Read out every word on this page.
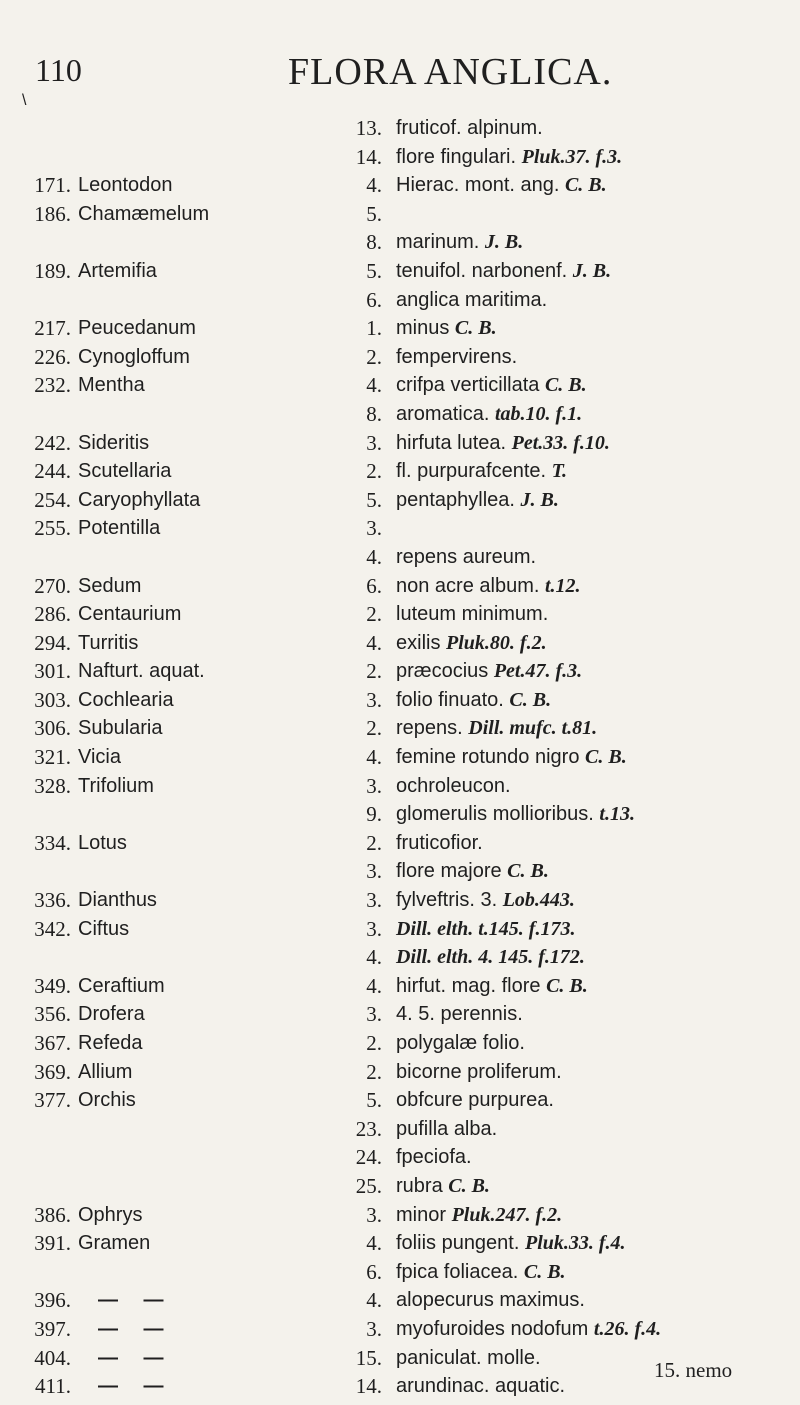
110	FLORA ANGLICA.
\
13. fruticof. alpinum.
14. flore fingulari. Pluk.37. f.3.
171. Leontodon	4. Hierac. mont. ang. C. B.
186. Chamæmelum	5.
8. marinum. J. B.
189. Artemifia	5. tenuifol. narbonenf. J. B.
6. anglica maritima.
217. Peucedanum	1. minus C. B.
226. Cynogloffum	2. fempervirens.
232. Mentha	4. crifpa verticillata C. B.
8. aromatica. tab.10. f.1.
242. Sideritis	3. hirfuta lutea. Pet.33. f.10.
244. Scutellaria	2. fl. purpurafcente. T.
254. Caryophyllata	5. pentaphyllea. J. B.
255. Potentilla	3.
4. repens aureum.
270. Sedum	6. non acre album. t.12.
286. Centaurium	2. luteum minimum.
294. Turritis	4. exilis Pluk.80. f.2.
301. Nafturt. aquat.	2. præcocius Pet.47. f.3.
303. Cochlearia	3. folio finuato. C. B.
306. Subularia	2. repens. Dill. mufc. t.81.
321. Vicia	4. femine rotundo nigro C. B.
328. Trifolium	3. ochroleucon.
9. glomerulis mollioribus. t.13.
334. Lotus	2. fruticofior.
3. flore majore C. B.
336. Dianthus	3. fylveftris. 3. Lob.443.
342. Ciftus	3. Dill. elth. t.145. f.173.
4. Dill. elth. 4. 145. f.172.
349. Ceraftium	4. hirfut. mag. flore C. B.
356. Drofera	3. 4. 5. perennis.
367. Refeda	2. polygalæ folio.
369. Allium	2. bicorne proliferum.
377. Orchis	5. obfcure purpurea.
23. pufilla alba.
24. fpeciofa.
25. rubra C. B.
386. Ophrys	3. minor Pluk.247. f.2.
391. Gramen	4. foliis pungent. Pluk.33. f.4.
6. fpica foliacea. C. B.
396. — —	4. alopecurus maximus.
397. — —	3. myofuroides nodofum t.26. f.4.
404. — —	15. paniculat. molle.
411. — —	14. arundinac. aquatic.
15. nemo
